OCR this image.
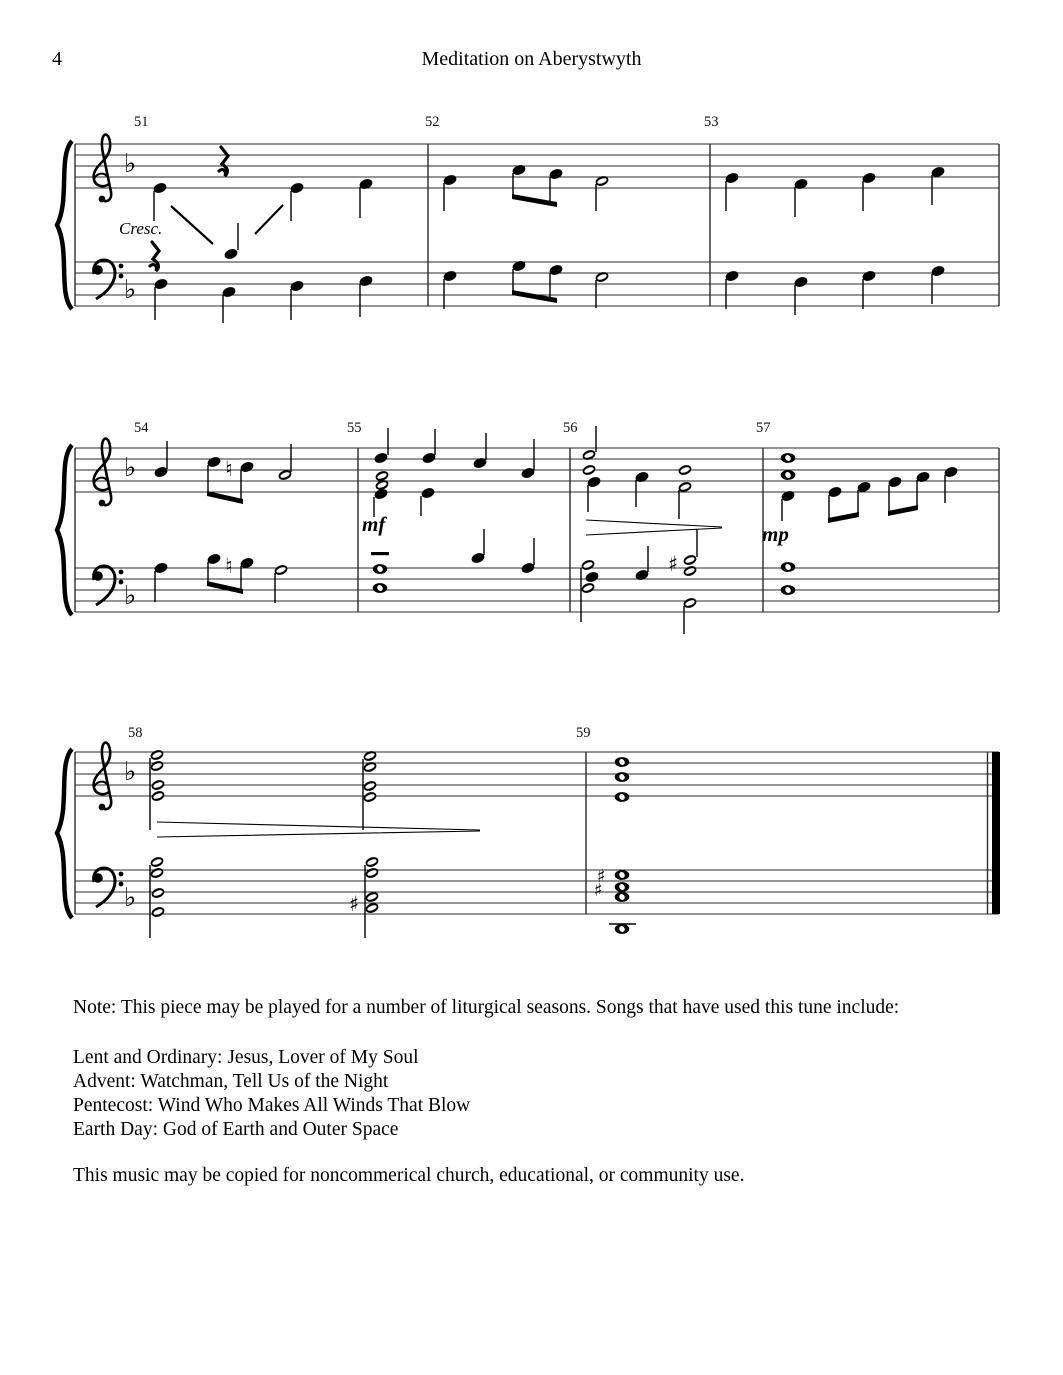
4	Meditation on Aberystwyth
♭
♭
51	52	53
Cresc.
♭
♭
54	55	56	57
mf	mp
♮
♮	♯
♭
♭
58	59
♯
♯
♯
Note: This piece may be played for a number of liturgical seasons. Songs that have used this tune include:
Lent and Ordinary: Jesus, Lover of My Soul
Advent: Watchman, Tell Us of the Night
Pentecost: Wind Who Makes All Winds That Blow
Earth Day: God of Earth and Outer Space
This music may be copied for noncommerical church, educational, or community use.
